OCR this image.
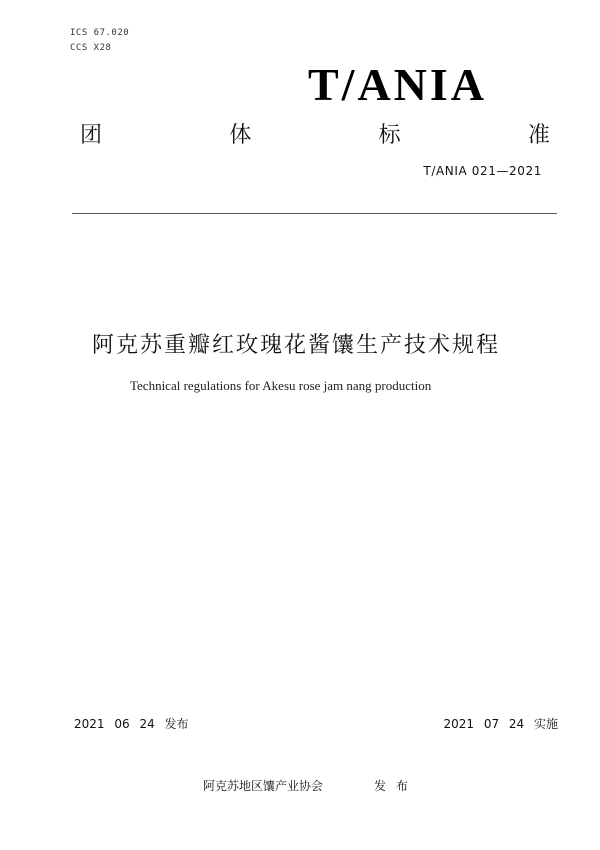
ICS 67.020
CCS X28
T/ANIA
团	体	标	准
T/ANIA 021—2021
阿克苏重瓣红玫瑰花酱馕生产技术规程
Technical regulations for Akesu rose jam nang production
2021 06 24 发布	2021 07 24 实施
阿克苏地区馕产业协会	发布
